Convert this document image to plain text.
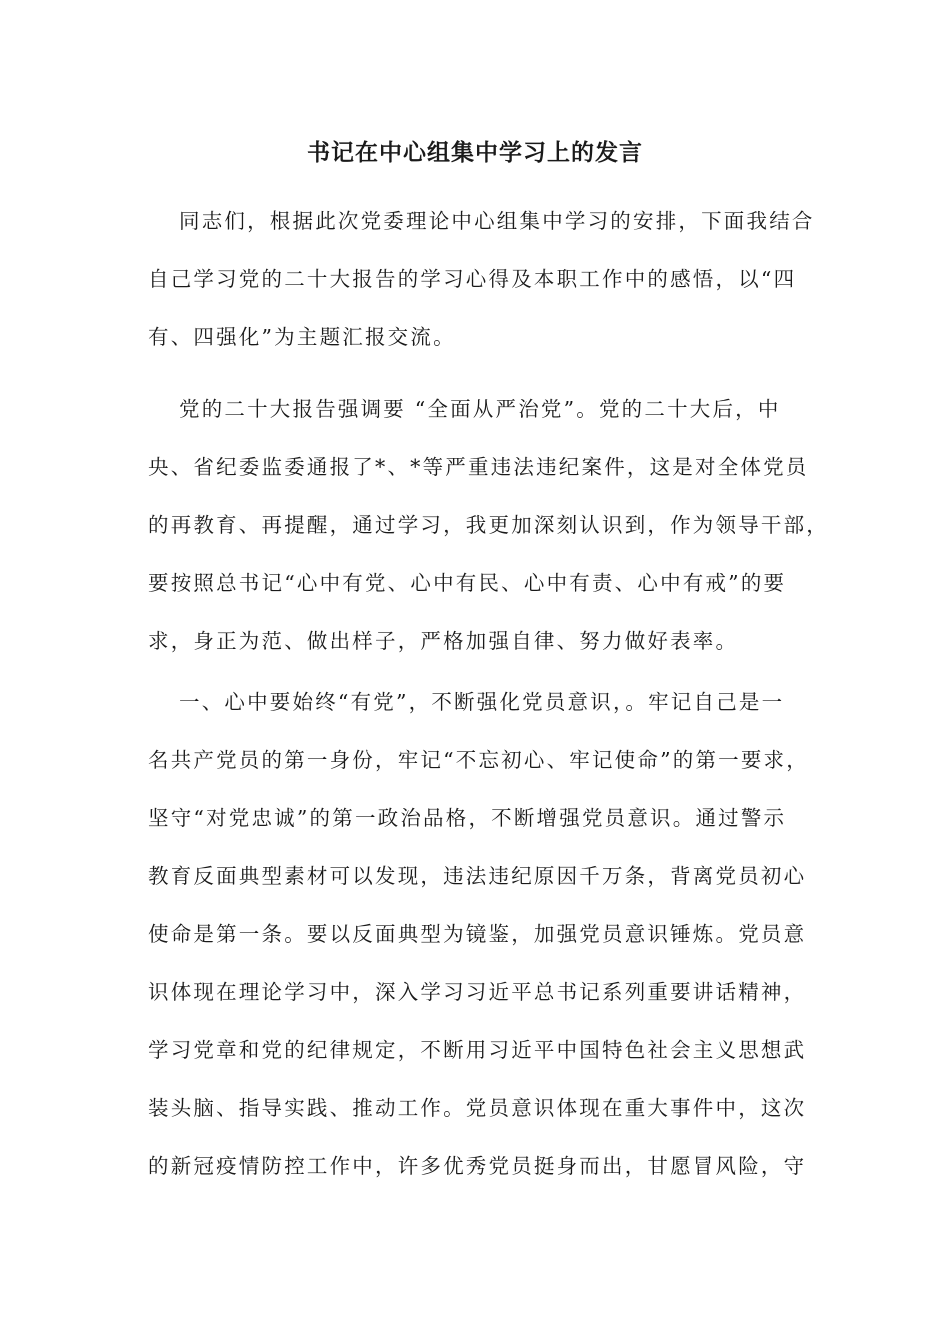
书记在中心组集中学习上的发言
同志们，根据此次党委理论中心组集中学习的安排，下面我结合
自己学习党的二十大报告的学习心得及本职工作中的感悟，以“四
有、四强化”为主题汇报交流。
党的二十大报告强调要 “全面从严治党”。党的二十大后，中
央、省纪委监委通报了*、*等严重违法违纪案件，这是对全体党员
的再教育、再提醒，通过学习，我更加深刻认识到，作为领导干部，
要按照总书记“心中有党、心中有民、心中有责、心中有戒”的要
求，身正为范、做出样子，严格加强自律、努力做好表率。
一、心中要始终“有党”，不断强化党员意识，。牢记自己是一
名共产党员的第一身份，牢记“不忘初心、牢记使命”的第一要求，
坚守“对党忠诚”的第一政治品格，不断增强党员意识。通过警示
教育反面典型素材可以发现，违法违纪原因千万条，背离党员初心
使命是第一条。要以反面典型为镜鉴，加强党员意识锤炼。党员意
识体现在理论学习中，深入学习习近平总书记系列重要讲话精神，
学习党章和党的纪律规定，不断用习近平中国特色社会主义思想武
装头脑、指导实践、推动工作。党员意识体现在重大事件中，这次
的新冠疫情防控工作中，许多优秀党员挺身而出，甘愿冒风险，守
